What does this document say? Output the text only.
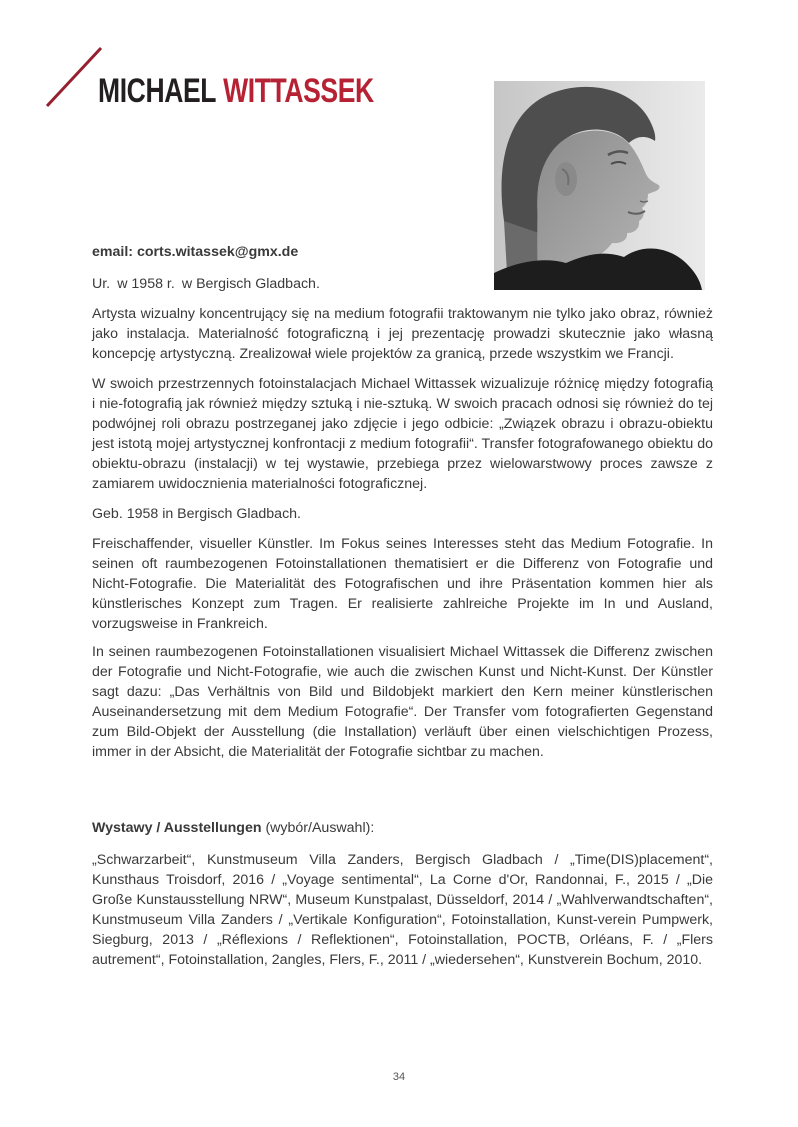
MICHAEL WITTASSEK

email: corts.witassek@gmx.de

Ur. w 1958 r. w Bergisch Gladbach.

Artysta wizualny koncentrujący się na medium fotografii traktowanym nie tylko jako obraz, również jako instalacja. Materialność fotograficzną i jej prezentację prowadzi skutecznie jako własną koncepcję artystyczną. Zrealizował wiele projektów za granicą, przede wszystkim we Francji.

W swoich przestrzennych fotoinstalacjach Michael Wittassek wizualizuje różnicę między fotografią i nie-fotografią jak również między sztuką i nie-sztuką. W swoich pracach odnosi się również do tej podwójnej roli obrazu postrzeganej jako zdjęcie i jego odbicie: „Związek obrazu i obrazu-obiektu jest istotą mojej artystycznej konfrontacji z medium fotografii“. Transfer fotografowanego obiektu do obiektu-obrazu (instalacji) w tej wystawie, przebiega przez wielowarstwowy proces zawsze z zamiarem uwidocznienia materialności fotograficznej.

Geb. 1958 in Bergisch Gladbach.

Freischaffender, visueller Künstler. Im Fokus seines Interesses steht das Medium Fotografie. In seinen oft raumbezogenen Fotoinstallationen thematisiert er die Differenz von Fotografie und Nicht-Fotografie. Die Materialität des Fotografischen und ihre Präsentation kommen hier als künstlerisches Konzept zum Tragen. Er realisierte zahlreiche Projekte im In und Ausland, vorzugsweise in Frankreich.

In seinen raumbezogenen Fotoinstallationen visualisiert Michael Wittassek die Differenz zwischen der Fotografie und Nicht-Fotografie, wie auch die zwischen Kunst und Nicht-Kunst. Der Künstler sagt dazu: „Das Verhältnis von Bild und Bildobjekt markiert den Kern meiner künstlerischen Auseinandersetzung mit dem Medium Fotografie“. Der Transfer vom fotografierten Gegenstand zum Bild-Objekt der Ausstellung (die Installation) verläuft über einen vielschichtigen Prozess, immer in der Absicht, die Materialität der Fotografie sichtbar zu machen.

Wystawy / Ausstellungen (wybór/Auswahl):

„Schwarzarbeit“, Kunstmuseum Villa Zanders, Bergisch Gladbach / „Time(DIS)placement“, Kunsthaus Troisdorf, 2016 / „Voyage sentimental“, La Corne d'Or, Randonnai, F., 2015 / „Die Große Kunstausstellung NRW“, Museum Kunstpalast, Düsseldorf, 2014 / „Wahlverwandtschaften“, Kunstmuseum Villa Zanders / „Vertikale Konfiguration“, Fotoinstallation, Kunst-verein Pumpwerk, Siegburg, 2013 / „Réflexions / Reflektionen“, Fotoinstallation, POCTB, Orléans, F. / „Flers autrement“, Fotoinstallation, 2angles, Flers, F., 2011 / „wiedersehen“, Kunstverein Bochum, 2010.

34
